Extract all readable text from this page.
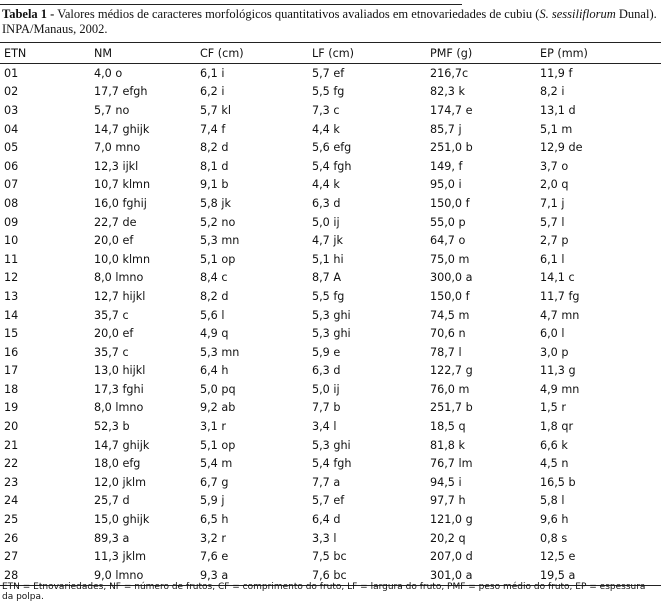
Tabela 1 - Valores médios de caracteres morfológicos quantitativos avaliados em etnovariedades de cubiu (S. sessiliflorum Dunal). INPA/Manaus, 2002.
ETN	NM	CF (cm)	LF (cm)	PMF (g)	EP (mm)
01	4,0 o	6,1 i	5,7 ef	216,7c	11,9 f
02	17,7 efgh	6,2 i	5,5 fg	82,3 k	8,2 i
03	5,7 no	5,7 kl	7,3 c	174,7 e	13,1 d
04	14,7 ghijk	7,4 f	4,4 k	85,7 j	5,1 m
05	7,0 mno	8,2 d	5,6 efg	251,0 b	12,9 de
06	12,3 ijkl	8,1 d	5,4 fgh	149, f	3,7 o
07	10,7 klmn	9,1 b	4,4 k	95,0 i	2,0 q
08	16,0 fghij	5,8 jk	6,3 d	150,0 f	7,1 j
09	22,7 de	5,2 no	5,0 ij	55,0 p	5,7 l
10	20,0 ef	5,3 mn	4,7 jk	64,7 o	2,7 p
11	10,0 klmn	5,1 op	5,1 hi	75,0 m	6,1 l
12	8,0 lmno	8,4 c	8,7 A	300,0 a	14,1 c
13	12,7 hijkl	8,2 d	5,5 fg	150,0 f	11,7 fg
14	35,7 c	5,6 l	5,3 ghi	74,5 m	4,7 mn
15	20,0 ef	4,9 q	5,3 ghi	70,6 n	6,0 l
16	35,7 c	5,3 mn	5,9 e	78,7 l	3,0 p
17	13,0 hijkl	6,4 h	6,3 d	122,7 g	11,3 g
18	17,3 fghi	5,0 pq	5,0 ij	76,0 m	4,9 mn
19	8,0 lmno	9,2 ab	7,7 b	251,7 b	1,5 r
20	52,3 b	3,1 r	3,4 l	18,5 q	1,8 qr
21	14,7 ghijk	5,1 op	5,3 ghi	81,8 k	6,6 k
22	18,0 efg	5,4 m	5,4 fgh	76,7 lm	4,5 n
23	12,0 jklm	6,7 g	7,7 a	94,5 i	16,5 b
24	25,7 d	5,9 j	5,7 ef	97,7 h	5,8 l
25	15,0 ghijk	6,5 h	6,4 d	121,0 g	9,6 h
26	89,3 a	3,2 r	3,3 l	20,2 q	0,8 s
27	11,3 jklm	7,6 e	7,5 bc	207,0 d	12,5 e
28	9,0 lmno	9,3 a	7,6 bc	301,0 a	19,5 a
ETN = Etnovariedades, NF = número de frutos, CF = comprimento do fruto, LF = largura do fruto, PMF = peso médio do fruto, EP = espessura da polpa.
